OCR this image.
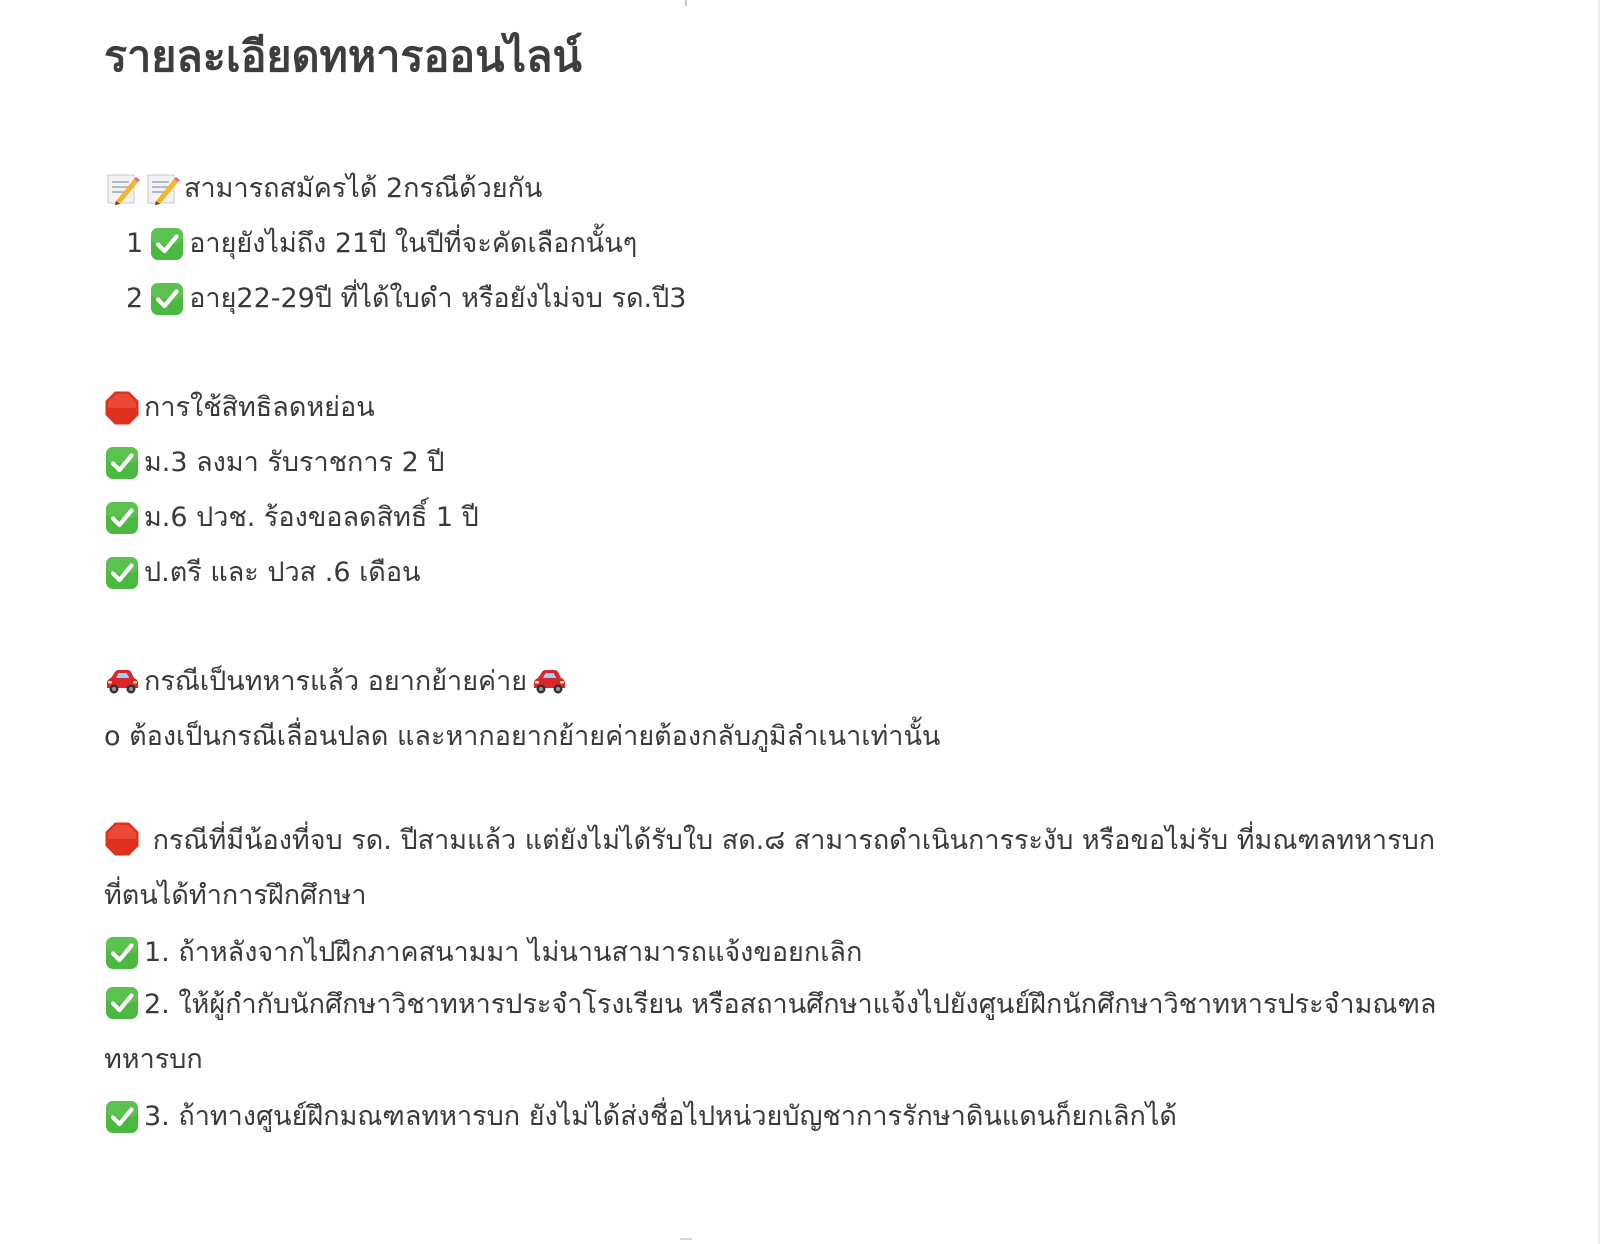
รายละเอียดทหารออนไลน์
สามารถสมัครได้ 2กรณีด้วยกัน
1 อายุยังไม่ถึง 21ปี ในปีที่จะคัดเลือกนั้นๆ
2 อายุ22-29ปี ที่ได้ใบดำ หรือยังไม่จบ รด.ปี3
การใช้สิทธิลดหย่อน
ม.3 ลงมา รับราชการ 2 ปี
ม.6 ปวช. ร้องขอลดสิทธิ์ 1 ปี
ป.ตรี และ ปวส .6 เดือน
กรณีเป็นทหารแล้ว อยากย้ายค่าย
o ต้องเป็นกรณีเลื่อนปลด และหากอยากย้ายค่ายต้องกลับภูมิลำเนาเท่านั้น
กรณีที่มีน้องที่จบ รด. ปีสามแล้ว แต่ยังไม่ได้รับใบ สด.๘ สามารถดำเนินการระงับ หรือขอไม่รับ ที่มณฑลทหารบกที่ตนได้ทำการฝึกศึกษา
1. ถ้าหลังจากไปฝึกภาคสนามมา ไม่นานสามารถแจ้งขอยกเลิก
2. ให้ผู้กำกับนักศึกษาวิชาทหารประจำโรงเรียน หรือสถานศึกษาแจ้งไปยังศูนย์ฝึกนักศึกษาวิชาทหารประจำมณฑลทหารบก
3. ถ้าทางศูนย์ฝึกมณฑลทหารบก ยังไม่ได้ส่งชื่อไปหน่วยบัญชาการรักษาดินแดนก็ยกเลิกได้
